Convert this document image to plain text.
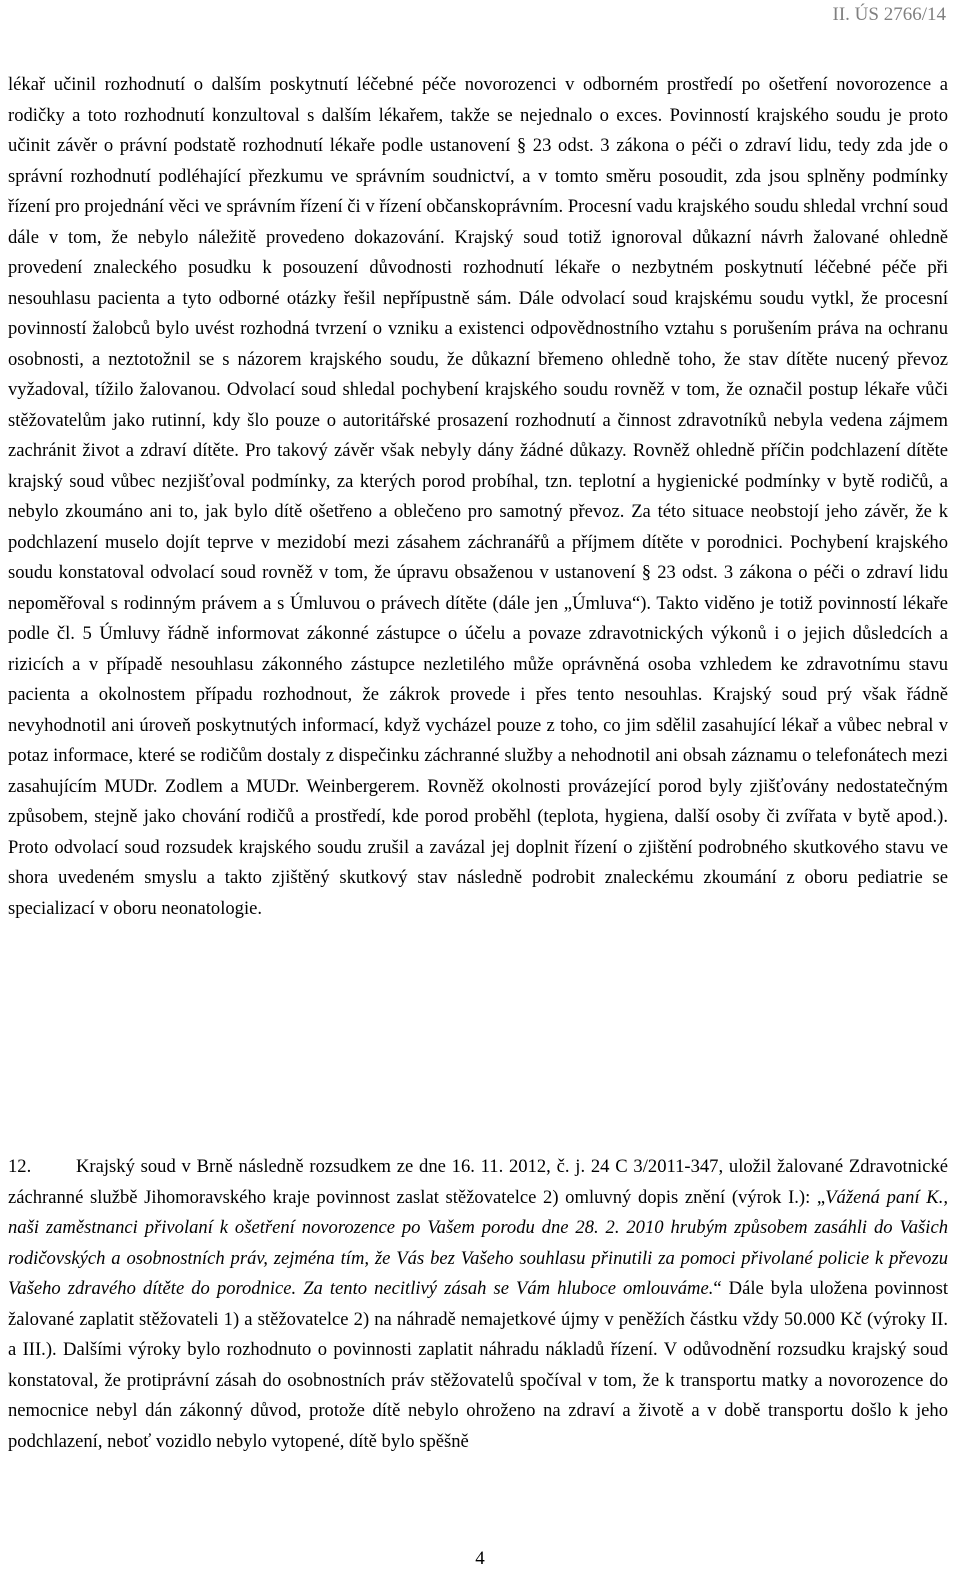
II. ÚS 2766/14

lékař učinil rozhodnutí o dalším poskytnutí léčebné péče novorozenci v odborném prostředí po ošetření novorozence a rodičky a toto rozhodnutí konzultoval s dalším lékařem, takže se nejednalo o exces. Povinností krajského soudu je proto učinit závěr o právní podstatě rozhodnutí lékaře podle ustanovení § 23 odst. 3 zákona o péči o zdraví lidu, tedy zda jde o správní rozhodnutí podléhající přezkumu ve správním soudnictví, a v tomto směru posoudit, zda jsou splněny podmínky řízení pro projednání věci ve správním řízení či v řízení občanskoprávním. Procesní vadu krajského soudu shledal vrchní soud dále v tom, že nebylo náležitě provedeno dokazování. Krajský soud totiž ignoroval důkazní návrh žalované ohledně provedení znaleckého posudku k posouzení důvodnosti rozhodnutí lékaře o nezbytném poskytnutí léčebné péče při nesouhlasu pacienta a tyto odborné otázky řešil nepřípustně sám. Dále odvolací soud krajskému soudu vytkl, že procesní povinností žalobců bylo uvést rozhodná tvrzení o vzniku a existenci odpovědnostního vztahu s porušením práva na ochranu osobnosti, a neztotožnil se s názorem krajského soudu, že důkazní břemeno ohledně toho, že stav dítěte nucený převoz vyžadoval, tížilo žalovanou. Odvolací soud shledal pochybení krajského soudu rovněž v tom, že označil postup lékaře vůči stěžovatelům jako rutinní, kdy šlo pouze o autoritářské prosazení rozhodnutí a činnost zdravotníků nebyla vedena zájmem zachránit život a zdraví dítěte. Pro takový závěr však nebyly dány žádné důkazy. Rovněž ohledně příčin podchlazení dítěte krajský soud vůbec nezjišťoval podmínky, za kterých porod probíhal, tzn. teplotní a hygienické podmínky v bytě rodičů, a nebylo zkoumáno ani to, jak bylo dítě ošetřeno a oblečeno pro samotný převoz. Za této situace neobstojí jeho závěr, že k podchlazení muselo dojít teprve v mezidobí mezi zásahem záchranářů a příjmem dítěte v porodnici. Pochybení krajského soudu konstatoval odvolací soud rovněž v tom, že úpravu obsaženou v ustanovení § 23 odst. 3 zákona o péči o zdraví lidu nepoměřoval s rodinným právem a s Úmluvou o právech dítěte (dále jen „Úmluva“). Takto viděno je totiž povinností lékaře podle čl. 5 Úmluvy řádně informovat zákonné zástupce o účelu a povaze zdravotnických výkonů i o jejich důsledcích a rizicích a v případě nesouhlasu zákonného zástupce nezletilého může oprávněná osoba vzhledem ke zdravotnímu stavu pacienta a okolnostem případu rozhodnout, že zákrok provede i přes tento nesouhlas. Krajský soud prý však řádně nevyhodnotil ani úroveň poskytnutých informací, když vycházel pouze z toho, co jim sdělil zasahující lékař a vůbec nebral v potaz informace, které se rodičům dostaly z dispečinku záchranné služby a nehodnotil ani obsah záznamu o telefonátech mezi zasahujícím MUDr. Zodlem a MUDr. Weinbergerem. Rovněž okolnosti provázející porod byly zjišťovány nedostatečným způsobem, stejně jako chování rodičů a prostředí, kde porod proběhl (teplota, hygiena, další osoby či zvířata v bytě apod.). Proto odvolací soud rozsudek krajského soudu zrušil a zavázal jej doplnit řízení o zjištění podrobného skutkového stavu ve shora uvedeném smyslu a takto zjištěný skutkový stav následně podrobit znaleckému zkoumání z oboru pediatrie se specializací v oboru neonatologie.

12. Krajský soud v Brně následně rozsudkem ze dne 16. 11. 2012, č. j. 24 C 3/2011-347, uložil žalované Zdravotnické záchranné službě Jihomoravského kraje povinnost zaslat stěžovatelce 2) omluvný dopis znění (výrok I.): „Vážená paní K., naši zaměstnanci přivolaní k ošetření novorozence po Vašem porodu dne 28. 2. 2010 hrubým způsobem zasáhli do Vašich rodičovských a osobnostních práv, zejména tím, že Vás bez Vašeho souhlasu přinutili za pomoci přivolané policie k převozu Vašeho zdravého dítěte do porodnice. Za tento necitlivý zásah se Vám hluboce omlouváme.“ Dále byla uložena povinnost žalované zaplatit stěžovateli 1) a stěžovatelce 2) na náhradě nemajetkové újmy v peněžích částku vždy 50.000 Kč (výroky II. a III.). Dalšími výroky bylo rozhodnuto o povinnosti zaplatit náhradu nákladů řízení. V odůvodnění rozsudku krajský soud konstatoval, že protiprávní zásah do osobnostních práv stěžovatelů spočíval v tom, že k transportu matky a novorozence do nemocnice nebyl dán zákonný důvod, protože dítě nebylo ohroženo na zdraví a životě a v době transportu došlo k jeho podchlazení, neboť vozidlo nebylo vytopené, dítě bylo spěšně

4
